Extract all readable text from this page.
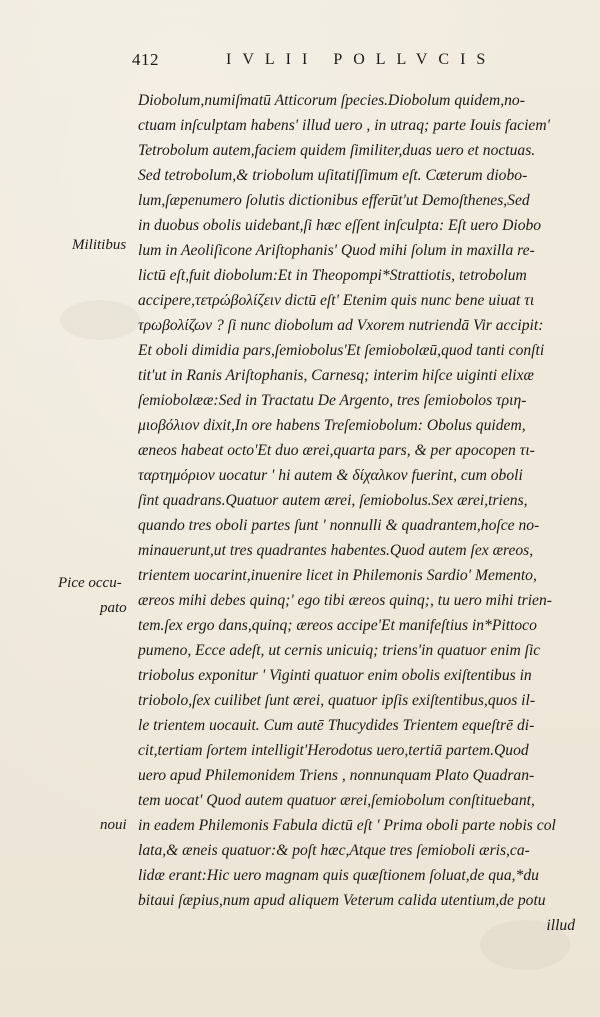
412	IVLII POLLVCIS
Militibus
Pice occu-
pato
noui
Diobolum,numiſmatū Atticorum ſpecies.Diobolum quidem,no-
ctuam inſculptam habens' illud uero , in utraq; parte Iouis faciem'
Tetrobolum autem,faciem quidem ſimiliter,duas uero et noctuas.
Sed tetrobolum,& triobolum uſitatiſſimum eſt. Cæterum diobo-
lum,ſæpenumero ſolutis dictionibus efferūt'ut Demoſthenes,Sed
in duobus obolis uidebant,ſi hæc eſſent inſculpta: Eſt uero Diobo
lum in Aeoliſicone Ariſtophanis' Quod mihi ſolum in maxilla re-
lictū eſt,fuit diobolum:Et in Theopompi*Strattiotis, tetrobolum
accipere,τετρώβολίζειν dictū eſt' Etenim quis nunc bene uiuat τι
τρωβολίζων ? ſi nunc diobolum ad Vxorem nutriendā Vir accipit:
Et oboli dimidia pars,ſemiobolus'Et ſemiobolæū,quod tanti conſti
tit'ut in Ranis Ariſtophanis, Carnesq; interim hiſce uiginti elixæ
ſemiobolææ:Sed in Tractatu De Argento, tres ſemiobolos τριη-
μιοβόλιον dixit,In ore habens Treſemiobolum: Obolus quidem,
æneos habeat octo'Et duo ærei,quarta pars, & per apocopen τι-
ταρτημόριον uocatur ' hi autem & δίχαλκον fuerint, cum oboli
ſint quadrans.Quatuor autem ærei, ſemiobolus.Sex ærei,triens,
quando tres oboli partes ſunt ' nonnulli & quadrantem,hoſce no-
minauerunt,ut tres quadrantes habentes.Quod autem ſex æreos,
trientem uocarint,inuenire licet in Philemonis Sardio' Memento,
æreos mihi debes quinq;' ego tibi æreos quinq;, tu uero mihi trien-
tem.ſex ergo dans,quinq; æreos accipe'Et manifeſtius in*Pittoco
pumeno, Ecce adeſt, ut cernis unicuiq; triens'in quatuor enim ſic
triobolus exponitur ' Viginti quatuor enim obolis exiſtentibus in
triobolo,ſex cuilibet ſunt ærei, quatuor ipſis exiſtentibus,quos il-
le trientem uocauit. Cum autē Thucydides Trientem equeſtrē di-
cit,tertiam ſortem intelligit'Herodotus uero,tertiā partem.Quod
uero apud Philemonidem Triens , nonnunquam Plato Quadran-
tem uocat' Quod autem quatuor ærei,ſemiobolum conſtituebant,
in eadem Philemonis Fabula dictū eſt ' Prima oboli parte nobis col
lata,& æneis quatuor:& poſt hæc,Atque tres ſemioboli æris,ca-
lidæ erant:Hic uero magnam quis quæſtionem ſoluat,de qua,*du
bitaui ſæpius,num apud aliquem Veterum calida utentium,de potu
illud
